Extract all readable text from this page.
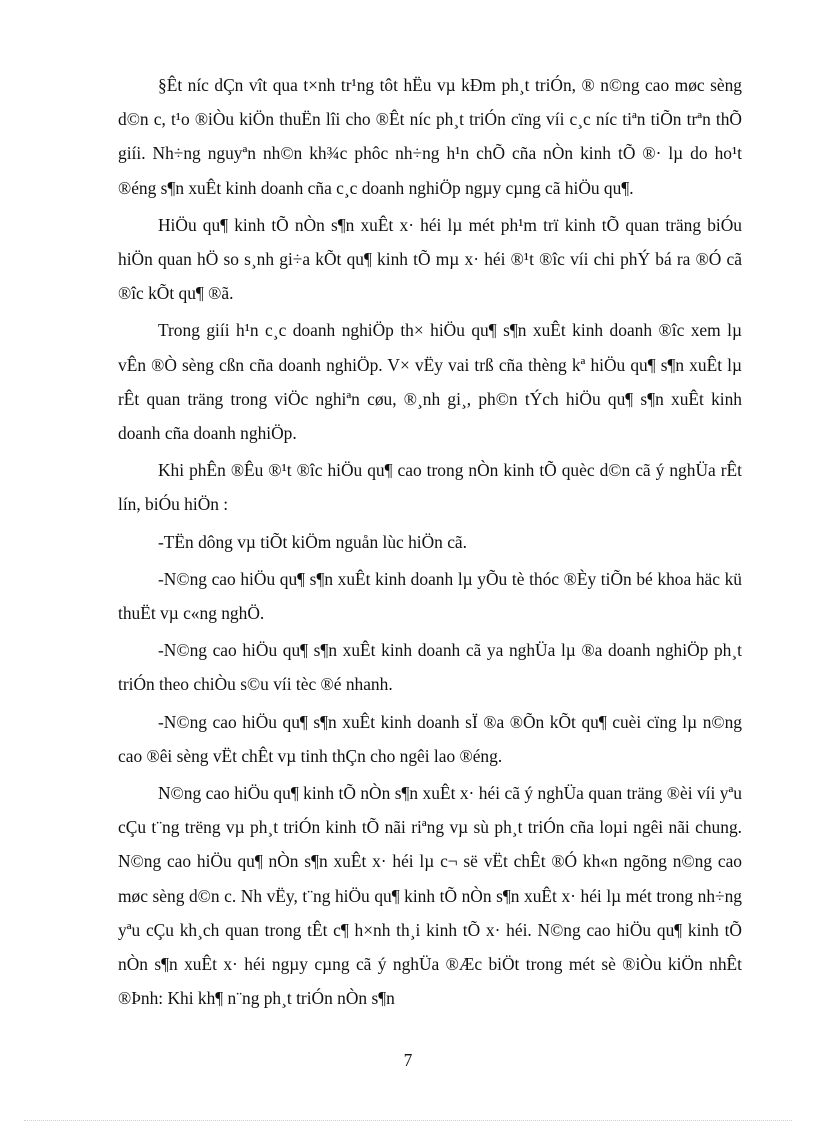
§Êt níc dÇn vît qua t×nh tr¹ng tôt hËu vµ kÐm ph¸t triÓn, ® n©ng cao møc sèng d©n c, t¹o ®iÒu kiÖn thuËn lîi cho ®Êt níc ph¸t triÓn cïng víi c¸c níc tiªn tiÕn trªn thÕ giíi. Nh÷ng nguyªn nh©n kh¾c phôc nh÷ng h¹n chÕ cña nÒn kinh tÕ ®· lµ do ho¹t ®éng s¶n xuÊt kinh doanh cña c¸c doanh nghiÖp ngµy cµng cã hiÖu qu¶.

HiÖu qu¶ kinh tÕ nÒn s¶n xuÊt x· héi lµ mét ph¹m trï kinh tÕ quan träng biÓu hiÖn quan hÖ so s¸nh gi÷a kÕt qu¶ kinh tÕ mµ x· héi ®¹t ®îc víi chi phÝ bá ra ®Ó cã ®îc kÕt qu¶ ®ã.

Trong giíi h¹n c¸c doanh nghiÖp th× hiÖu qu¶ s¶n xuÊt kinh doanh ®îc xem lµ vÊn ®Ò sèng cßn cña doanh nghiÖp. V× vËy vai trß cña thèng kª hiÖu qu¶ s¶n xuÊt lµ rÊt quan träng trong viÖc nghiªn cøu, ®¸nh gi¸, ph©n tÝch hiÖu qu¶ s¶n xuÊt kinh doanh cña doanh nghiÖp.

Khi phÊn ®Êu ®¹t ®îc hiÖu qu¶ cao trong nÒn kinh tÕ quèc d©n cã ý nghÜa rÊt lín, biÓu hiÖn :

-TËn dông vµ tiÕt kiÖm nguån lùc hiÖn cã.

-N©ng cao hiÖu qu¶ s¶n xuÊt kinh doanh lµ yÕu tè thóc ®Èy tiÕn bé khoa häc kü thuËt vµ c«ng nghÖ.

-N©ng cao hiÖu qu¶ s¶n xuÊt kinh doanh cã ya nghÜa lµ ®a doanh nghiÖp ph¸t triÓn theo chiÒu s©u víi tèc ®é nhanh.

-N©ng cao hiÖu qu¶ s¶n xuÊt kinh doanh sÏ ®a ®Õn kÕt qu¶ cuèi cïng lµ n©ng cao ®êi sèng vËt chÊt vµ tinh thÇn cho ngêi lao ®éng.

N©ng cao hiÖu qu¶ kinh tÕ nÒn s¶n xuÊt x· héi cã ý nghÜa quan träng ®èi víi yªu cÇu t¨ng trëng vµ ph¸t triÓn kinh tÕ nãi riªng vµ sù ph¸t triÓn cña loµi ngêi nãi chung. N©ng cao hiÖu qu¶ nÒn s¶n xuÊt x· héi lµ c¬ së vËt chÊt ®Ó kh«n ngõng n©ng cao møc sèng d©n c. Nh vËy, t¨ng hiÖu qu¶ kinh tÕ nÒn s¶n xuÊt x· héi lµ mét trong nh÷ng yªu cÇu kh¸ch quan trong tÊt c¶ h×nh th¸i kinh tÕ x· héi. N©ng cao hiÖu qu¶ kinh tÕ nÒn s¶n xuÊt x· héi ngµy cµng cã ý nghÜa ®Æc biÖt trong mét sè ®iÒu kiÖn nhÊt ®Þnh: Khi kh¶ n¨ng ph¸t triÓn nÒn s¶n

7
